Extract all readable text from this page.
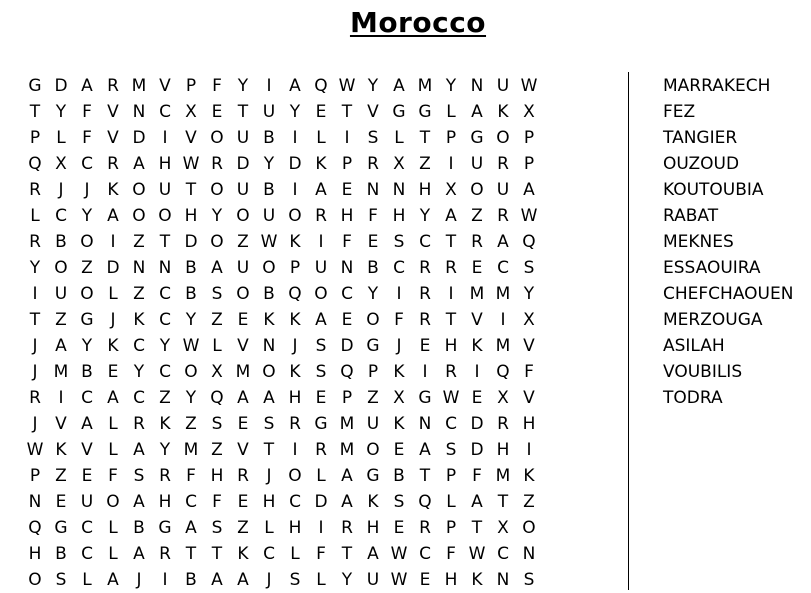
Morocco
G D A R M V P F Y	I	A Q W Y A M Y N U W
T Y F V N C X E T U Y E T V G G L A K X
P L F V D I	V O U B	I	L	I	S L T P G O P
Q X C R A H W R D Y D K P R X Z	I	U R P
R	J	J	K O U T O U B	I	A E N N H X O U A
L C Y A O O H Y O U O R H F H Y A Z R W
R B O I	Z T D O Z W K	I	F E S C T R A Q
Y O Z D N N B A U O P U N B C R R E C S
I	U O L Z C B S O B Q O C Y	I	R	I M M Y
T Z G J	K C Y Z E K K A E O F R T V	I	X
J	A Y K C Y W L V N	J	S D G J	E H K M V
J M B E Y C O X M O K S Q P K	I	R	I Q F
R	I	C A C Z Y Q A A H E P Z X G W E X V
J	V A L R K Z S E S R G M U K N C D R H
W K V L A Y M Z V T	I	R M O E A S D H	I
P Z E F S R F H R	J O L A G B T P F M K
N E U O A H C F E H C D A K S Q L A T Z
Q G C L B G A S Z L H	I	R H E R P T X O
H B C L A R T T K C L F T A W C F W C N
O S L A	J	I	B A A	J	S L Y U W E H K N S
MARRAKECH
FEZ
TANGIER
OUZOUD
KOUTOUBIA
RABAT
MEKNES
ESSAOUIRA
CHEFCHAOUEN
MERZOUGA
ASILAH
VOUBILIS
TODRA
